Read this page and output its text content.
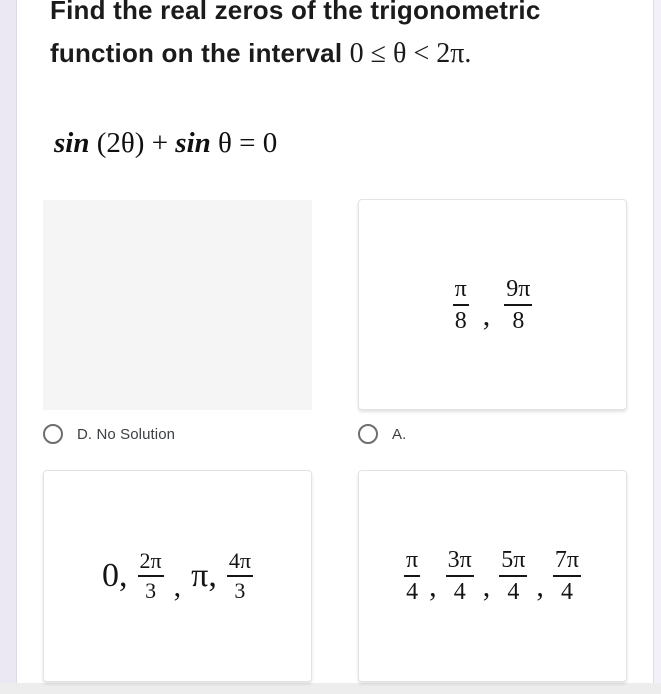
Find the real zeros of the trigonometric
function on the interval 0 ≤ θ < 2π.
sin (2θ) + sin θ = 0
$\frac{\pi}{8}$ , $\frac{9\pi}{8}$
D. No Solution	A.
0, $\frac{2\pi}{3}$ , π, $\frac{4\pi}{3}$	$\frac{\pi}{4}$ , $\frac{3\pi}{4}$ , $\frac{5\pi}{4}$ , $\frac{7\pi}{4}$
